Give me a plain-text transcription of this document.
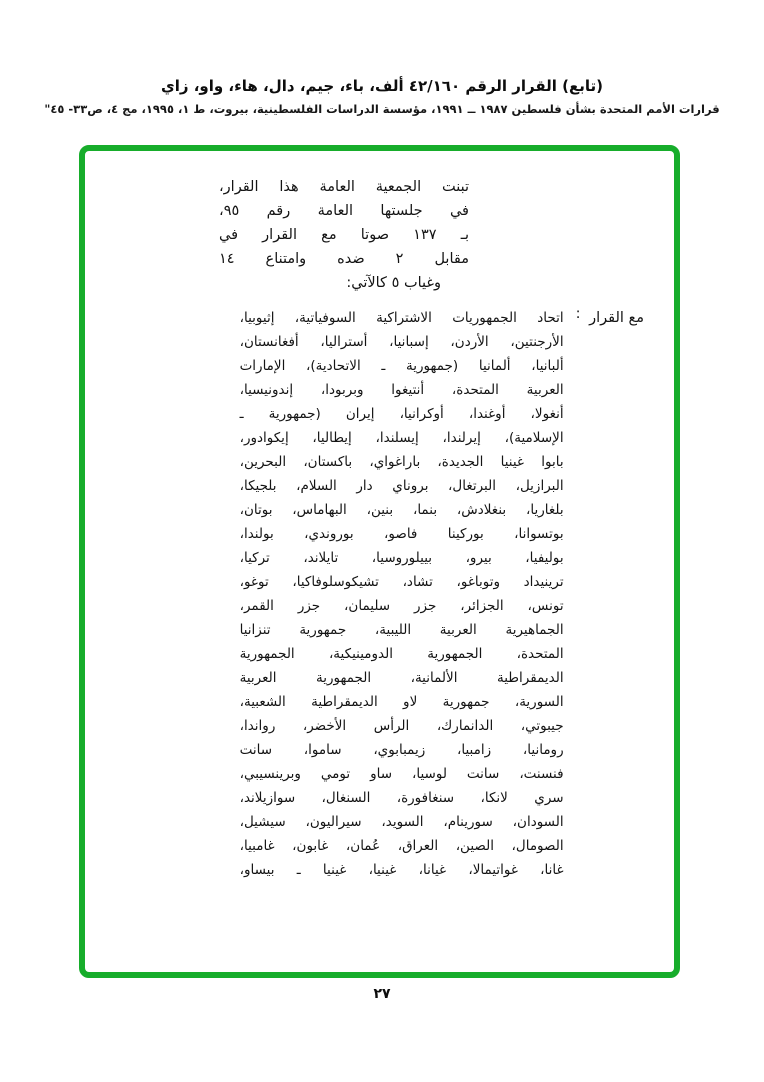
(تابع) القرار الرقم ٤٢/١٦٠ ألف، باء، جيم، دال، هاء، واو، زاي
قرارات الأمم المتحدة بشأن فلسطين ١٩٨٧ ــ ١٩٩١، مؤسسة الدراسات الفلسطينية، بيروت، ط ١، ١٩٩٥، مج ٤، ص٣٣- ٤٥"
تبنت الجمعية العامة هذا القرار،
في جلستها العامة رقم ٩٥،
بـ ١٣٧ صوتا مع القرار في
مقابل ٢ ضده وامتناع ١٤
وغياب ٥ كالآتي:
مع القرار :
اتحاد الجمهوريات الاشتراكية السوفياتية، إثيوبيا،
الأرجنتين، الأردن، إسبانيا، أستراليا، أفغانستان،
ألبانيا، ألمانيا (جمهورية ـ الاتحادية)، الإمارات
العربية المتحدة، أنتيغوا وبربودا، إندونيسيا،
أنغولا، أوغندا، أوكرانيا، إيران (جمهورية ـ
الإسلامية)، إيرلندا، إيسلندا، إيطاليا، إيكوادور،
بابوا غينيا الجديدة، باراغواي، باكستان، البحرين،
البرازيل، البرتغال، بروناي دار السلام، بلجيكا،
بلغاريا، بنغلادش، بنما، بنين، البهاماس، بوتان،
بوتسوانا، بوركينا فاصو، بوروندي، بولندا،
بوليفيا، بيرو، بييلوروسيا، تايلاند، تركيا،
ترينيداد وتوباغو، تشاد، تشيكوسلوفاكيا، توغو،
تونس، الجزائر، جزر سليمان، جزر القمر،
الجماهيرية العربية الليبية، جمهورية تنزانيا
المتحدة، الجمهورية الدومينيكية، الجمهورية
الديمقراطية الألمانية، الجمهورية العربية
السورية، جمهورية لاو الديمقراطية الشعبية،
جيبوتي، الدانمارك، الرأس الأخضر، رواندا،
رومانيا، زامبيا، زيمبابوي، ساموا، سانت
فنسنت، سانت لوسيا، ساو تومي وبرينسيبي،
سري لانكا، سنغافورة، السنغال، سوازيلاند،
السودان، سورينام، السويد، سيراليون، سيشيل،
الصومال، الصين، العراق، عُمان، غابون، غامبيا،
غانا، غواتيمالا، غيانا، غينيا، غينيا ـ بيساو،
٢٧
